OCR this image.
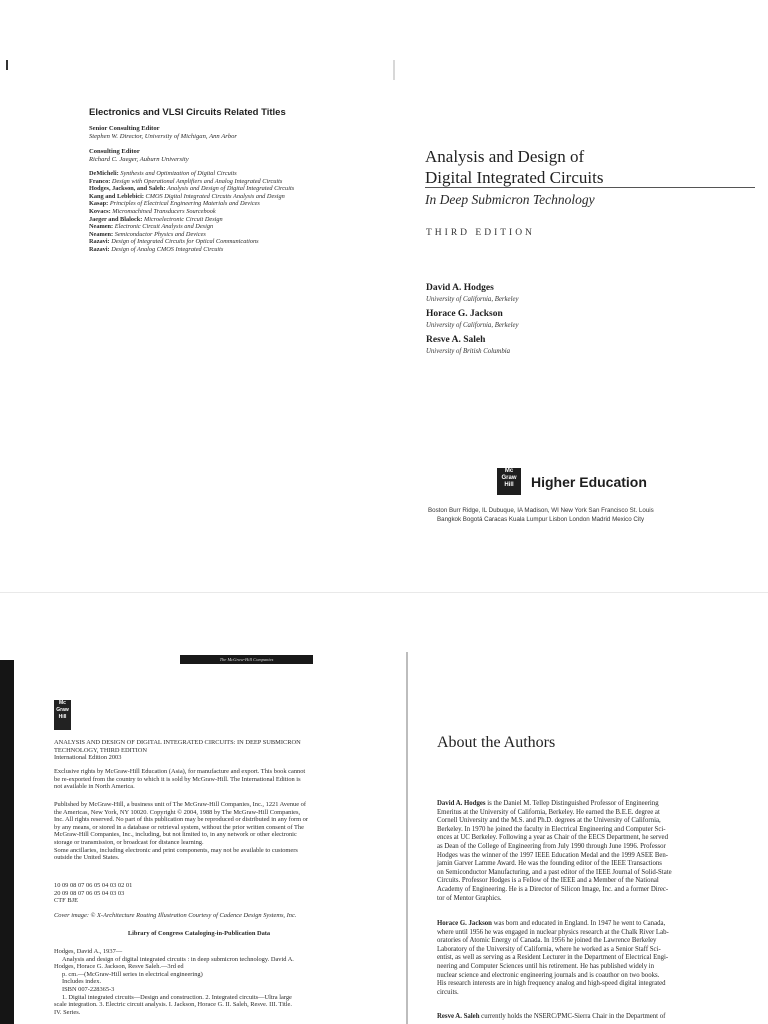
Electronics and VLSI Circuits Related Titles
Senior Consulting Editor
Stephen W. Director, University of Michigan, Ann Arbor
Consulting Editor
Richard C. Jaeger, Auburn University
DeMicheli: Synthesis and Optimization of Digital Circuits
Franco: Design with Operational Amplifiers and Analog Integrated Circuits
Hodges, Jackson, and Saleh: Analysis and Design of Digital Integrated Circuits
Kang and Leblebici: CMOS Digital Integrated Circuits Analysis and Design
Kasap: Principles of Electrical Engineering Materials and Devices
Kovacs: Micromachined Transducers Sourcebook
Jaeger and Blalock: Microelectronic Circuit Design
Neamen: Electronic Circuit Analysis and Design
Neamen: Semiconductor Physics and Devices
Razavi: Design of Integrated Circuits for Optical Communications
Razavi: Design of Analog CMOS Integrated Circuits
Analysis and Design of
Digital Integrated Circuits
In Deep Submicron Technology
THIRD EDITION
David A. Hodges
University of California, Berkeley
Horace G. Jackson
University of California, Berkeley
Resve A. Saleh
University of British Columbia
Mc
Graw
Hill	Higher Education
Boston Burr Ridge, IL Dubuque, IA Madison, WI New York San Francisco St. Louis
Bangkok Bogotá Caracas Kuala Lumpur Lisbon London Madrid Mexico City
The McGraw-Hill Companies
Mc
Graw
Hill
ANALYSIS AND DESIGN OF DIGITAL INTEGRATED CIRCUITS: IN DEEP SUBMICRON
TECHNOLOGY, THIRD EDITION
International Edition 2003
Exclusive rights by McGraw-Hill Education (Asia), for manufacture and export. This book cannot
be re-exported from the country to which it is sold by McGraw-Hill. The International Edition is
not available in North America.
Published by McGraw-Hill, a business unit of The McGraw-Hill Companies, Inc., 1221 Avenue of
the Americas, New York, NY 10020. Copyright © 2004, 1988 by The McGraw-Hill Companies,
Inc. All rights reserved. No part of this publication may be reproduced or distributed in any form or
by any means, or stored in a database or retrieval system, without the prior written consent of The
McGraw-Hill Companies, Inc., including, but not limited to, in any network or other electronic
storage or transmission, or broadcast for distance learning.
Some ancillaries, including electronic and print components, may not be available to customers
outside the United States.
10 09 08 07 06 05 04 03 02 01
20 09 08 07 06 05 04 03 03
CTF BJE
Cover image: © X-Architecture Routing Illustration Courtesy of Cadence Design Systems, Inc.
Library of Congress Cataloging-in-Publication Data
Hodges, David A., 1937—
Analysis and design of digital integrated circuits : in deep submicron technology. David A.
Hodges, Horace G. Jackson, Resve Saleh.—3rd ed
p. cm.—(McGraw-Hill series in electrical engineering)
Includes index.
ISBN 007-228365-3
1. Digital integrated circuits—Design and construction. 2. Integrated circuits—Ultra large
scale integration. 3. Electric circuit analysis. I. Jackson, Horace G. II. Saleh, Resve. III. Title.
IV. Series.
About the Authors
David A. Hodges is the Daniel M. Tellep Distinguished Professor of Engineering
Emeritus at the University of California, Berkeley. He earned the B.E.E. degree at
Cornell University and the M.S. and Ph.D. degrees at the University of California,
Berkeley. In 1970 he joined the faculty in Electrical Engineering and Computer Sci-
ences at UC Berkeley. Following a year as Chair of the EECS Department, he served
as Dean of the College of Engineering from July 1990 through June 1996. Professor
Hodges was the winner of the 1997 IEEE Education Medal and the 1999 ASEE Ben-
jamin Garver Lamme Award. He was the founding editor of the IEEE Transactions
on Semiconductor Manufacturing, and a past editor of the IEEE Journal of Solid-State
Circuits. Professor Hodges is a Fellow of the IEEE and a Member of the National
Academy of Engineering. He is a Director of Silicon Image, Inc. and a former Direc-
tor of Mentor Graphics.
Horace G. Jackson was born and educated in England. In 1947 he went to Canada,
where until 1956 he was engaged in nuclear physics research at the Chalk River Lab-
oratories of Atomic Energy of Canada. In 1956 he joined the Lawrence Berkeley
Laboratory of the University of California, where he worked as a Senior Staff Sci-
entist, as well as serving as a Resident Lecturer in the Department of Electrical Engi-
neering and Computer Sciences until his retirement. He has published widely in
nuclear science and electronic engineering journals and is coauthor on two books.
His research interests are in high frequency analog and high-speed digital integrated
circuits.
Resve A. Saleh currently holds the NSERC/PMC-Sierra Chair in the Department of
